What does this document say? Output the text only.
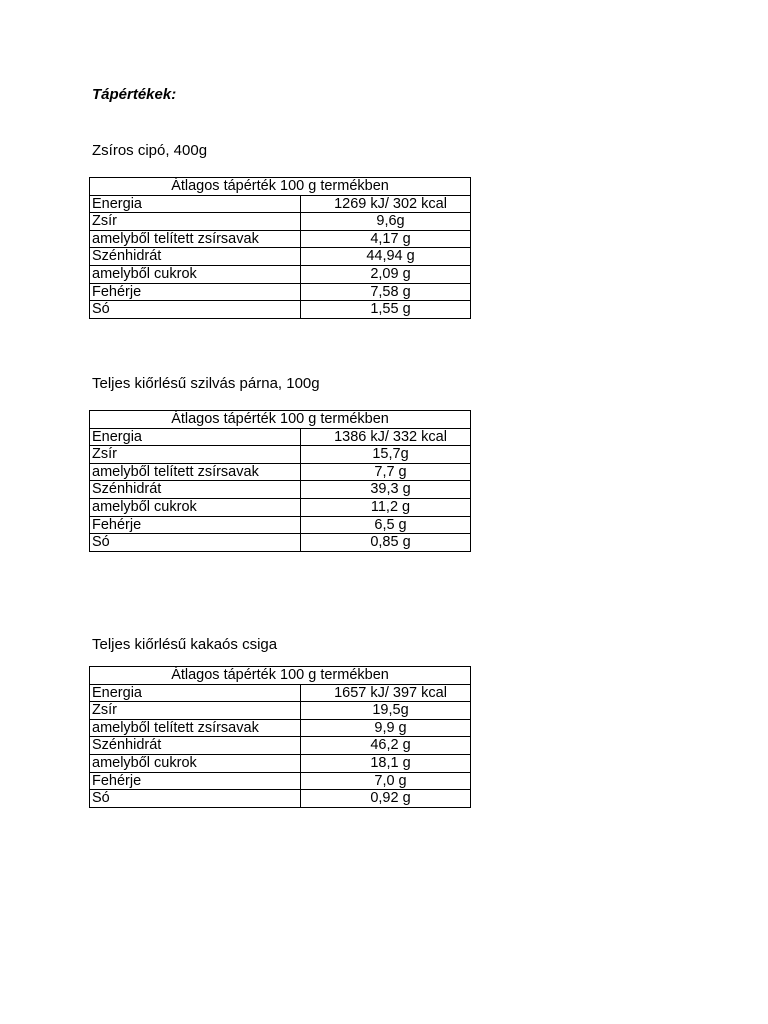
Tápértékek:
Zsíros cipó, 400g
Átlagos tápérték 100 g termékben	
Energia	1269 kJ/ 302 kcal
Zsír	9,6g
amelyből telített zsírsavak	4,17 g
Szénhidrát	44,94 g
amelyből cukrok	2,09 g
Fehérje	7,58 g
Só	1,55 g
Teljes kiőrlésű szilvás párna, 100g
Átlagos tápérték 100 g termékben	
Energia	1386 kJ/ 332 kcal
Zsír	15,7g
amelyből telített zsírsavak	7,7 g
Szénhidrát	39,3 g
amelyből cukrok	11,2 g
Fehérje	6,5 g
Só	0,85 g
Teljes kiőrlésű kakaós csiga
Átlagos tápérték 100 g termékben	
Energia	1657 kJ/ 397 kcal
Zsír	19,5g
amelyből telített zsírsavak	9,9 g
Szénhidrát	46,2 g
amelyből cukrok	18,1 g
Fehérje	7,0 g
Só	0,92 g
